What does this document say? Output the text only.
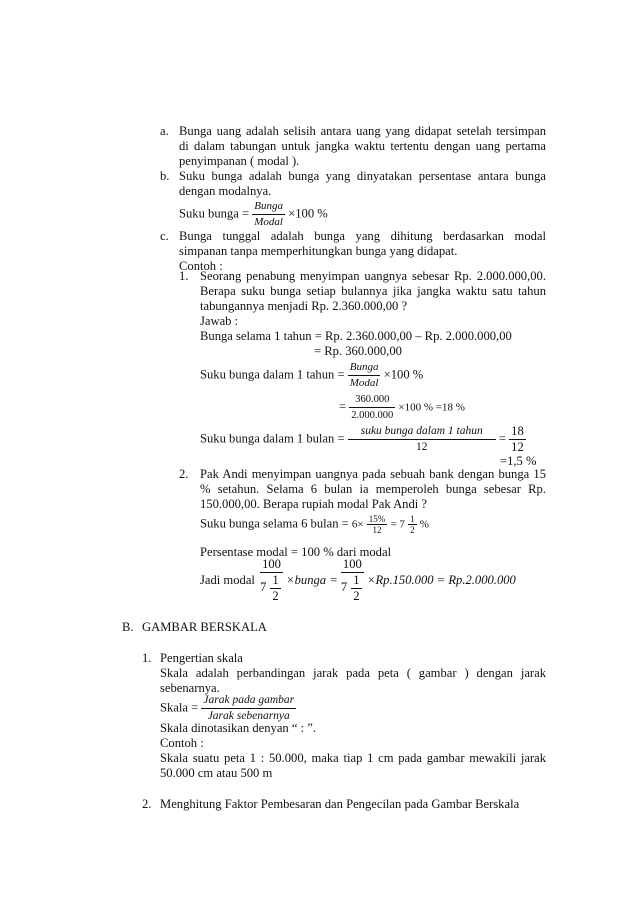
a. Bunga uang adalah selisih antara uang yang didapat setelah tersimpan
di dalam tabungan untuk jangka waktu tertentu dengan uang pertama
penyimpanan ( modal ).
b. Suku bunga adalah bunga yang dinyatakan persentase antara bunga
dengan modalnya.
Suku bunga = $\frac{\text{Bunga}}{\text{Modal}} \times 100$ %
c. Bunga tunggal adalah bunga yang dihitung berdasarkan modal
simpanan tanpa memperhitungkan bunga yang didapat.
Contoh :
1. Seorang penabung menyimpan uangnya sebesar Rp. 2.000.000,00.
Berapa suku bunga setiap bulannya jika jangka waktu satu tahun
tabungannya menjadi Rp. 2.360.000,00 ?
Jawab :
Bunga selama 1 tahun = Rp. 2.360.000,00 – Rp. 2.000.000,00
= Rp. 360.000,00
Suku bunga dalam 1 tahun = $\frac{\text{Bunga}}{\text{Modal}} \times 100$ %
= $\frac{360.000}{2.000.000} \times 100$ % =18 %
Suku bunga dalam 1 bulan = $\frac{\text{suku bunga dalam 1 tahun}}{12} = \frac{18}{12}$
=1,5 %
2. Pak Andi menyimpan uangnya pada sebuah bank dengan bunga 15
% setahun. Selama 6 bulan ia memperoleh bunga sebesar Rp.
150.000,00. Berapa rupiah modal Pak Andi ?
Suku bunga selama 6 bulan = $6\times \frac{15\%}{12} = 7 \frac{1}{2}$ %
Persentase modal = 100 % dari modal
Jadi modal 100
7 1
2 ×bunga = 100
7 1
2 ×Rp.150.000 = Rp.2.000.000
B. GAMBAR BERSKALA
1. Pengertian skala
Skala adalah perbandingan jarak pada peta ( gambar ) dengan jarak
sebenarnya.
Skala = $\frac{\text{Jarak pada gambar}}{\text{Jarak sebenarnya}}$
Skala dinotasikan denyan “ : ”.
Contoh :
Skala suatu peta 1 : 50.000, maka tiap 1 cm pada gambar mewakili jarak
50.000 cm atau 500 m
2. Menghitung Faktor Pembesaran dan Pengecilan pada Gambar Berskala
